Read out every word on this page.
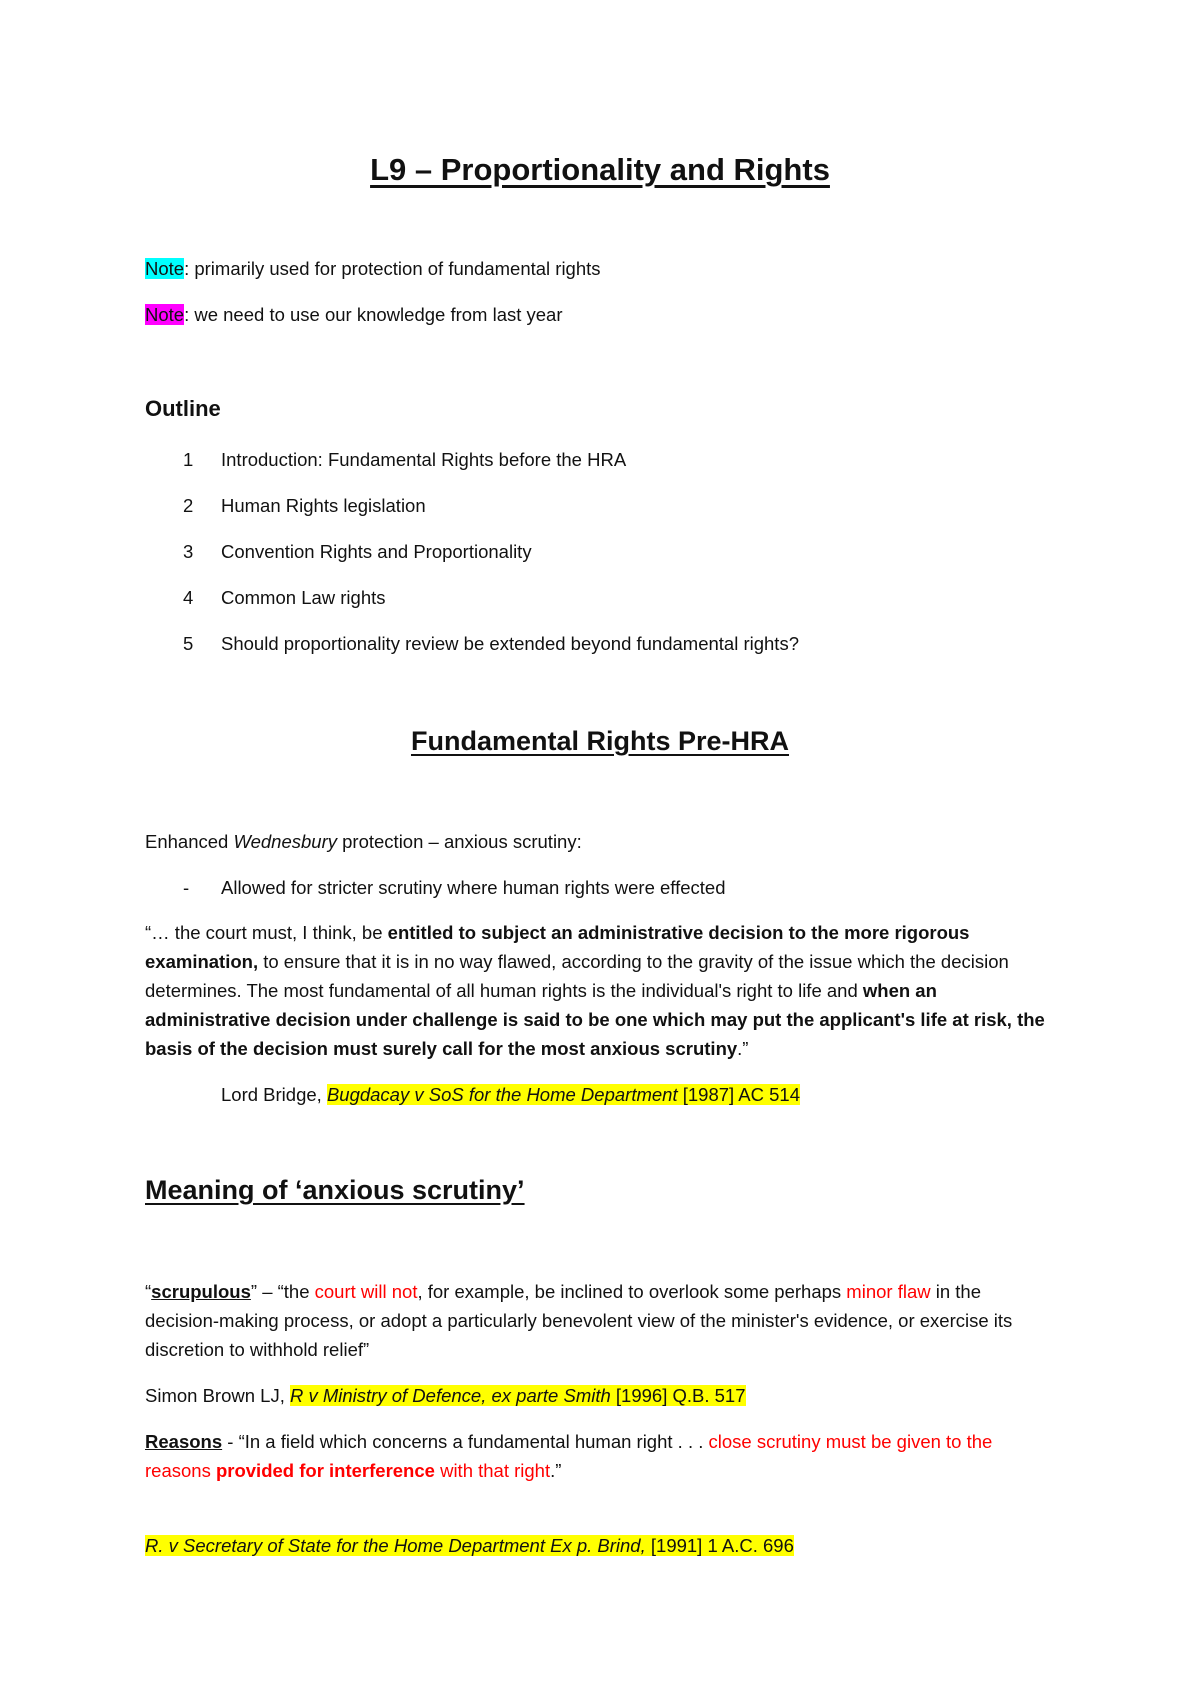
L9 – Proportionality and Rights
Note: primarily used for protection of fundamental rights
Note: we need to use our knowledge from last year
Outline
1 Introduction: Fundamental Rights before the HRA
2 Human Rights legislation
3 Convention Rights and Proportionality
4 Common Law rights
5 Should proportionality review be extended beyond fundamental rights?
Fundamental Rights Pre-HRA
Enhanced Wednesbury protection – anxious scrutiny:
- Allowed for stricter scrutiny where human rights were effected
“… the court must, I think, be entitled to subject an administrative decision to the more rigorous examination, to ensure that it is in no way flawed, according to the gravity of the issue which the decision determines. The most fundamental of all human rights is the individual's right to life and when an administrative decision under challenge is said to be one which may put the applicant's life at risk, the basis of the decision must surely call for the most anxious scrutiny.”
Lord Bridge, Bugdacay v SoS for the Home Department [1987] AC 514
Meaning of ‘anxious scrutiny’
“scrupulous” – “the court will not, for example, be inclined to overlook some perhaps minor flaw in the decision-making process, or adopt a particularly benevolent view of the minister's evidence, or exercise its discretion to withhold relief”
Simon Brown LJ, R v Ministry of Defence, ex parte Smith [1996] Q.B. 517
Reasons - “In a field which concerns a fundamental human right . . . close scrutiny must be given to the reasons provided for interference with that right.”
R. v Secretary of State for the Home Department Ex p. Brind, [1991] 1 A.C. 696
